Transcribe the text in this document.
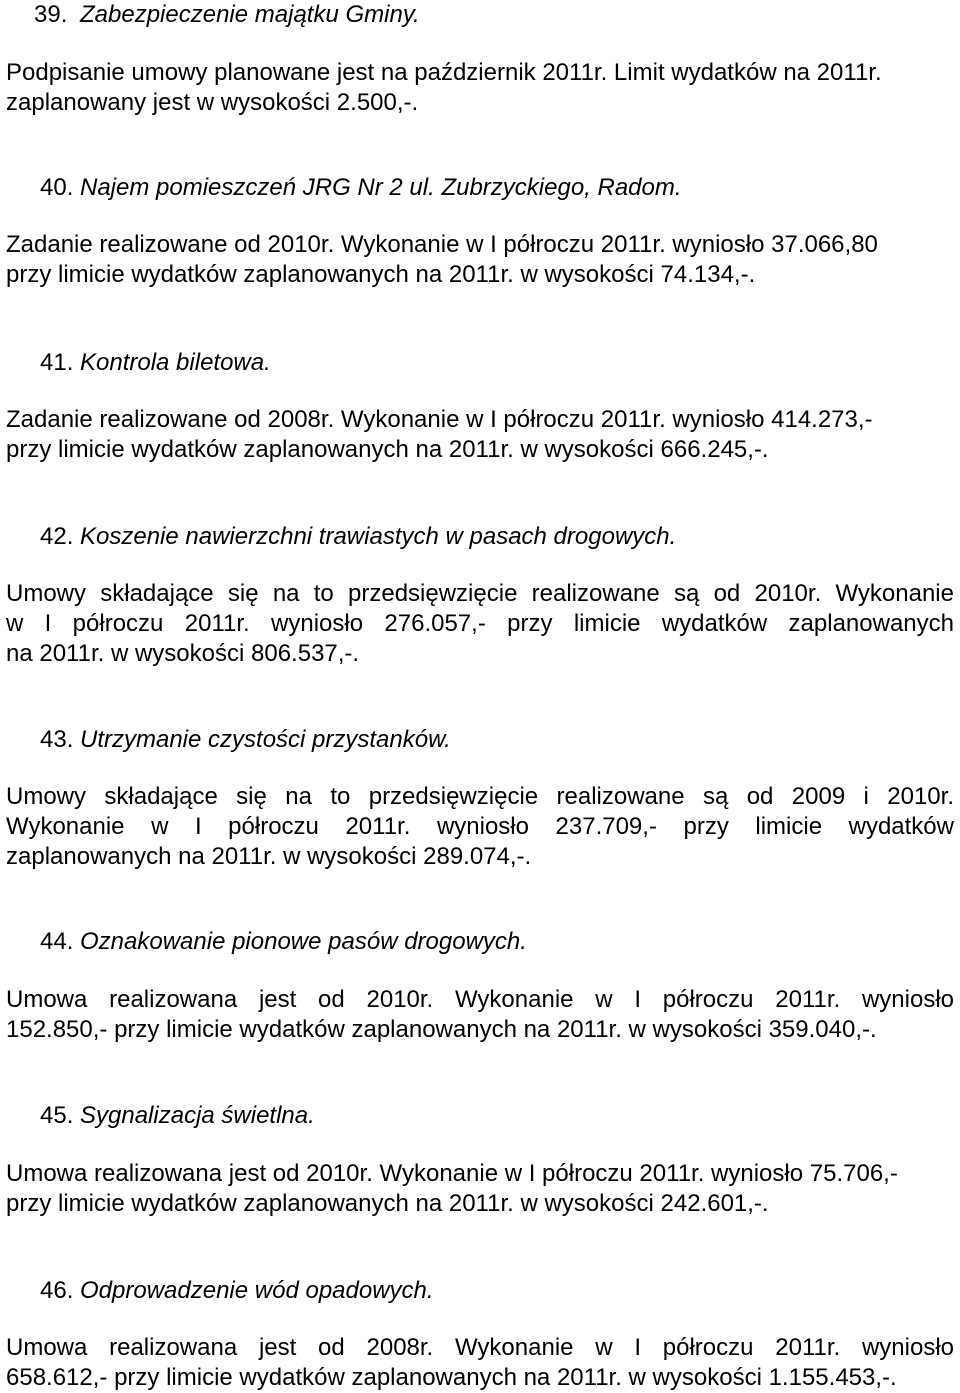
39. Zabezpieczenie majątku Gminy.
Podpisanie umowy planowane jest na październik 2011r. Limit wydatków na 2011r.
zaplanowany jest w wysokości 2.500,-.
40. Najem pomieszczeń JRG Nr 2 ul. Zubrzyckiego, Radom.
Zadanie realizowane od 2010r. Wykonanie w I półroczu 2011r. wyniosło 37.066,80
przy limicie wydatków zaplanowanych na 2011r. w wysokości 74.134,-.
41. Kontrola biletowa.
Zadanie realizowane od 2008r. Wykonanie w I półroczu 2011r. wyniosło 414.273,-
przy limicie wydatków zaplanowanych na 2011r. w wysokości 666.245,-.
42. Koszenie nawierzchni trawiastych w pasach drogowych.
Umowy składające się na to przedsięwzięcie realizowane są od 2010r. Wykonanie
w I półroczu 2011r. wyniosło 276.057,- przy limicie wydatków zaplanowanych
na 2011r. w wysokości 806.537,-.
43. Utrzymanie czystości przystanków.
Umowy składające się na to przedsięwzięcie realizowane są od 2009 i 2010r.
Wykonanie w I półroczu 2011r. wyniosło 237.709,- przy limicie wydatków
zaplanowanych na 2011r. w wysokości 289.074,-.
44. Oznakowanie pionowe pasów drogowych.
Umowa realizowana jest od 2010r. Wykonanie w I półroczu 2011r. wyniosło
152.850,- przy limicie wydatków zaplanowanych na 2011r. w wysokości 359.040,-.
45. Sygnalizacja świetlna.
Umowa realizowana jest od 2010r. Wykonanie w I półroczu 2011r. wyniosło 75.706,-
przy limicie wydatków zaplanowanych na 2011r. w wysokości 242.601,-.
46. Odprowadzenie wód opadowych.
Umowa realizowana jest od 2008r. Wykonanie w I półroczu 2011r. wyniosło
658.612,- przy limicie wydatków zaplanowanych na 2011r. w wysokości 1.155.453,-.
